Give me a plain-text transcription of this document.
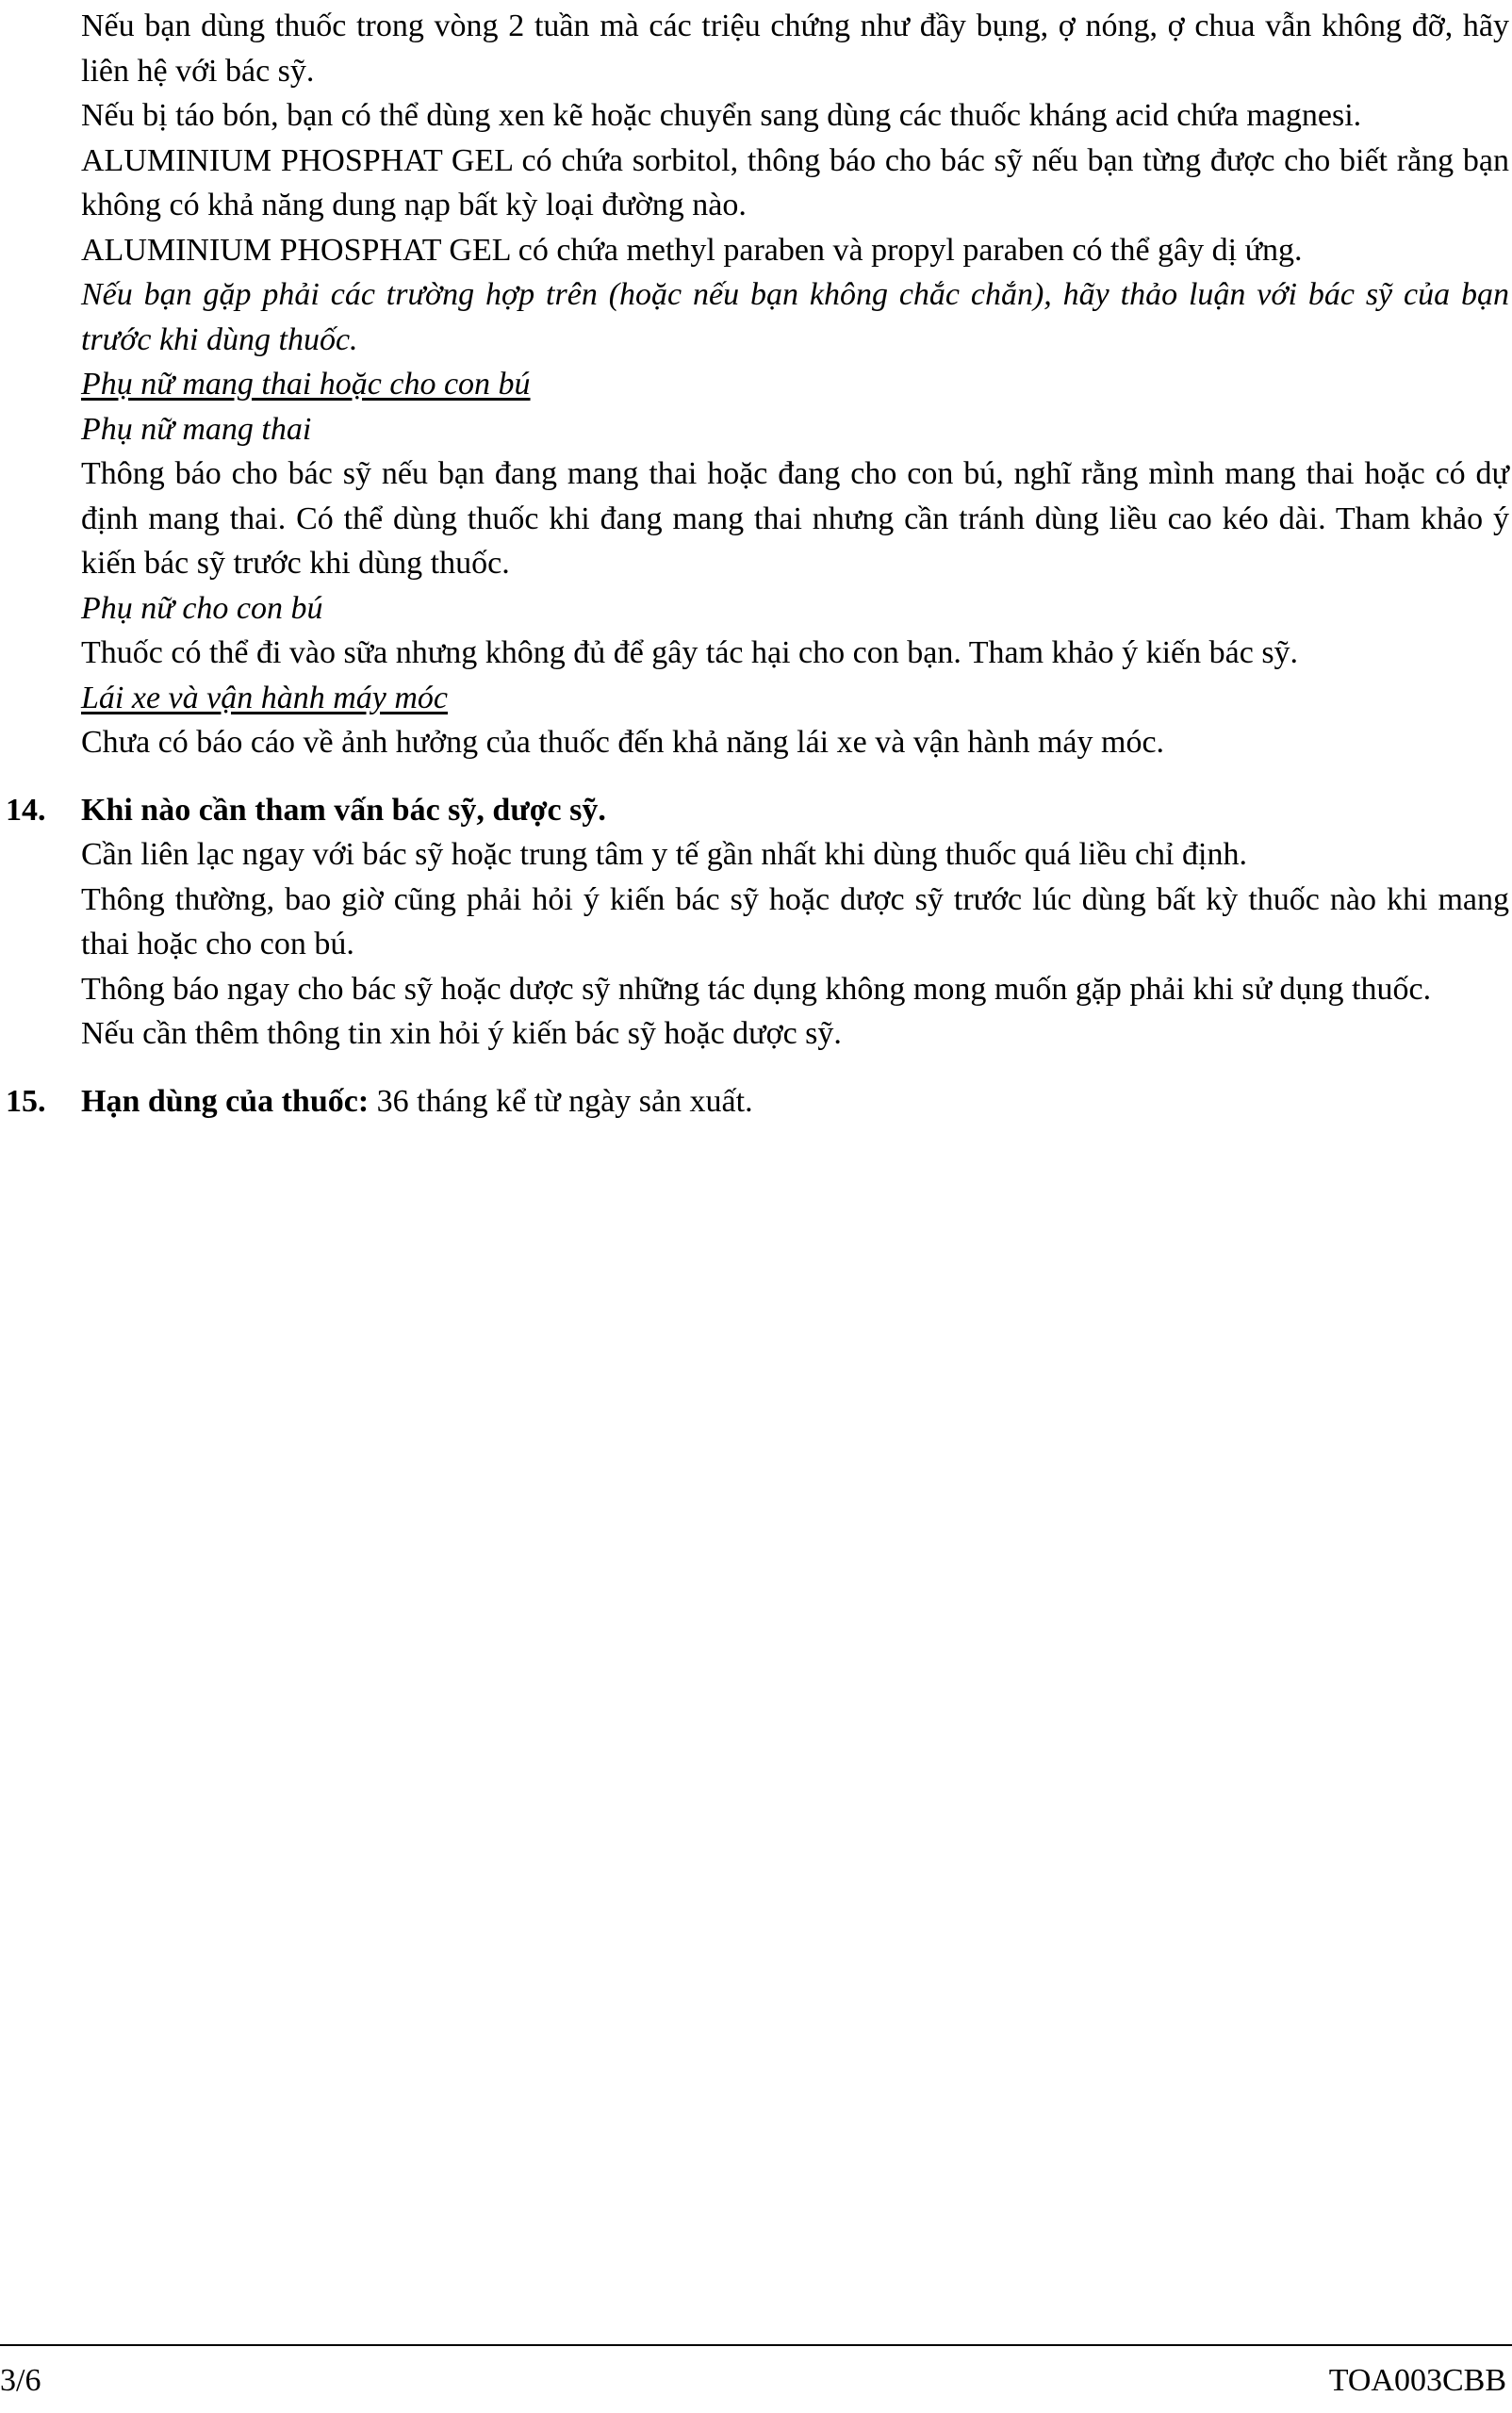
Nếu bạn dùng thuốc trong vòng 2 tuần mà các triệu chứng như đầy bụng, ợ nóng, ợ chua vẫn không đỡ, hãy liên hệ với bác sỹ.

Nếu bị táo bón, bạn có thể dùng xen kẽ hoặc chuyển sang dùng các thuốc kháng acid chứa magnesi.

ALUMINIUM PHOSPHAT GEL có chứa sorbitol, thông báo cho bác sỹ nếu bạn từng được cho biết rằng bạn không có khả năng dung nạp bất kỳ loại đường nào.

ALUMINIUM PHOSPHAT GEL có chứa methyl paraben và propyl paraben có thể gây dị ứng.

Nếu bạn gặp phải các trường hợp trên (hoặc nếu bạn không chắc chắn), hãy thảo luận với bác sỹ của bạn trước khi dùng thuốc.

Phụ nữ mang thai hoặc cho con bú

Phụ nữ mang thai

Thông báo cho bác sỹ nếu bạn đang mang thai hoặc đang cho con bú, nghĩ rằng mình mang thai hoặc có dự định mang thai. Có thể dùng thuốc khi đang mang thai nhưng cần tránh dùng liều cao kéo dài. Tham khảo ý kiến bác sỹ trước khi dùng thuốc.

Phụ nữ cho con bú

Thuốc có thể đi vào sữa nhưng không đủ để gây tác hại cho con bạn. Tham khảo ý kiến bác sỹ.

Lái xe và vận hành máy móc

Chưa có báo cáo về ảnh hưởng của thuốc đến khả năng lái xe và vận hành máy móc.

14. Khi nào cần tham vấn bác sỹ, dược sỹ.

Cần liên lạc ngay với bác sỹ hoặc trung tâm y tế gần nhất khi dùng thuốc quá liều chỉ định.

Thông thường, bao giờ cũng phải hỏi ý kiến bác sỹ hoặc dược sỹ trước lúc dùng bất kỳ thuốc nào khi mang thai hoặc cho con bú.

Thông báo ngay cho bác sỹ hoặc dược sỹ những tác dụng không mong muốn gặp phải khi sử dụng thuốc.

Nếu cần thêm thông tin xin hỏi ý kiến bác sỹ hoặc dược sỹ.

15. Hạn dùng của thuốc: 36 tháng kể từ ngày sản xuất.

3/6	TOA003CBB
